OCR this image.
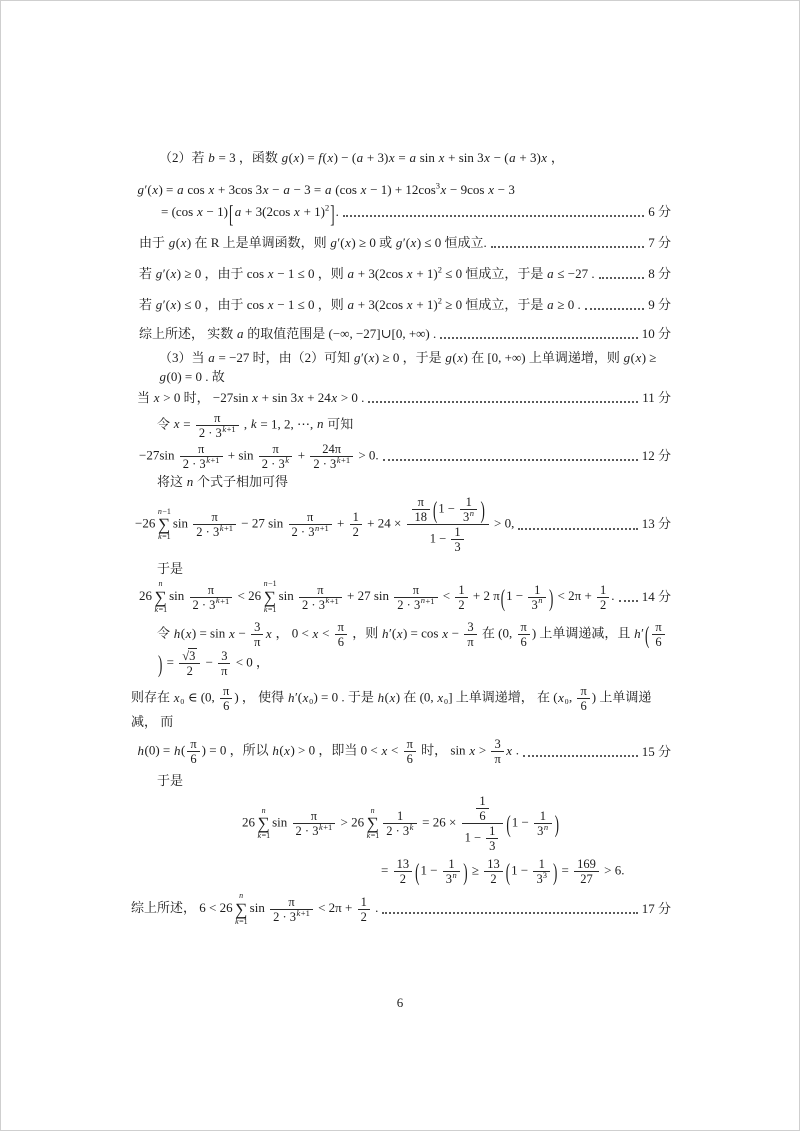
（2）若 b = 3 ，函数 g(x) = f(x) − (a + 3)x = a sin x + sin 3x − (a + 3)x ，
g′(x) = a cos x + 3cos 3x − a − 3 = a (cos $x - 1) + 12\cos^3x - 9\cos$ x − 3
= (cos x − 1)[ a + 3(2cos x + 1)$^2$].	6 分
由于 g(x) 在 R 上是单调函数，则 g′(x) ≥ 0 或 g′(x) ≤ 0 恒成立.	7 分
若 g′(x) ≥ 0 ，由于 cos x − 1 ≤ 0 ，则 a + 3(2cos x + 1)$^2$ ≤ 0 恒成立，于是 a ≤ −27 .	8 分
若 g′(x) ≤ 0 ，由于 cos x − 1 ≤ 0 ，则 a + 3(2cos x + 1)$^2$ ≥ 0 恒成立，于是 a ≥ 0 .	9 分
综上所述， 实数 a 的取值范围是 (−∞, −27]∪[0, +∞) .	10 分
（3）当 a = −27 时，由（2）可知 g′(x) ≥ 0 ，于是 g(x) 在 [0, +∞) 上单调递增，则 g(x) ≥ g(0) = 0 . 故
当 x > 0 时， −27sin x + sin 3x + 24x > 0 .	11 分
令 $x = \frac{\pi}{2 \cdot 3^{k+1}}$ , k = 1, 2, ⋯, n 可知
$-27\sin \frac{\pi}{2 \cdot 3^{k+1}} + \sin \frac{\pi}{2 \cdot 3^k} + \frac{24\pi}{2 \cdot 3^{k+1}} > 0$.	12 分
将这 n 个式子相加可得
−26
n−1
∑
k=1
$\sin \frac{\pi}{2 \cdot 3^{k+1}} - 27$ $\sin \frac{\pi}{2 \cdot 3^{n+1}} + \frac{1}{2} + 24 \times \frac{\frac{\pi}{18} (1 - \frac{1}{3^n} )}{1 - \frac{1}{3}} > 0$,	13 分
于是
26
n
∑
k=1
$\sin \frac{\pi}{2 \cdot 3^{k+1}} < 26$
n−1
∑
k=1
$\sin \frac{\pi}{2 \cdot 3^{k+1}} + 27$ $\sin \frac{\pi}{2 \cdot 3^{n+1}} < \frac{1}{2} + 2$ $\pi(1 - \frac{1}{3^n}$ ) < $2\pi + \frac{1}{2}$ . 14 分
令 $h(x) = \sin x - \frac{3}{\pi}$ x ， $0 < x < \frac{\pi}{6}$ ，则 $h'(x) = \cos x - \frac{3}{\pi}$ 在 (0, $\frac{\pi}{6}$ ) 上单调递减，且 $h'( \frac{\pi}{6}$
) = $\frac{√3}{2} - \frac{3}{\pi} < 0$ ，
则存在 x₀ ∈ (0, $\frac{\pi}{6}$ ) ， 使得 h′(x₀) = 0 . 于是 h(x) 在 (0, x₀] 上单调递增， 在 (x₀, $\frac{\pi}{6}$ ) 上单调递减， 而
$h(0) = h( \frac{\pi}{6}$ ) = 0 ，所以 h(x) > 0 ，即当 $0 < x < \frac{\pi}{6}$ 时， $\sin x > \frac{3}{\pi}$ x .	15 分
于是
26
n
∑
k=1
$\sin \frac{\pi}{2 \cdot 3^{k+1}} > 26$
n
∑
$k=1 \frac{1}{2 \cdot 3^k} = 26 \times \frac{\frac{1}{6}}{1 - \frac{1}{3}} (1 - \frac{1}{3^n}$ )
= $\frac{13}{2} (1 - \frac{1}{3^n}$ ) ≥ $\frac{13}{2} (1 - \frac{1}{3^3}$ ) = $\frac{169}{27} > 6$.
综上所述， 6 < 26
n
∑
k=1
$\sin \frac{\pi}{2 \cdot 3^{k+1}} < 2\pi + \frac{1}{2}$ .	17 分
6
